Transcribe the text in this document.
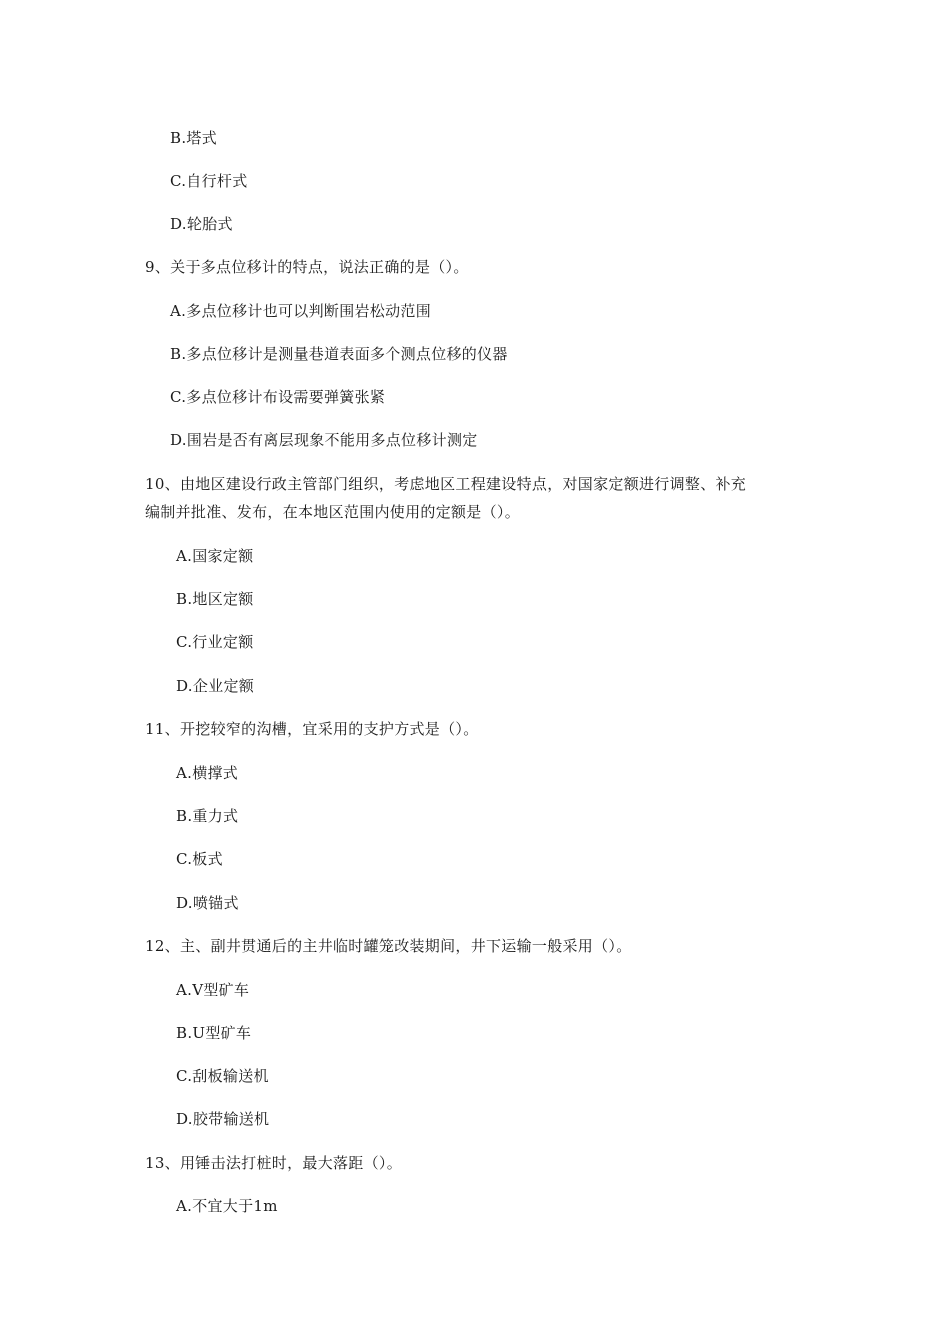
B.塔式
C.自行杆式
D.轮胎式
9、关于多点位移计的特点，说法正确的是（）。
A.多点位移计也可以判断围岩松动范围
B.多点位移计是测量巷道表面多个测点位移的仪器
C.多点位移计布设需要弹簧张紧
D.围岩是否有离层现象不能用多点位移计测定
10、由地区建设行政主管部门组织，考虑地区工程建设特点，对国家定额进行调整、补充
编制并批准、发布，在本地区范围内使用的定额是（）。
A.国家定额
B.地区定额
C.行业定额
D.企业定额
11、开挖较窄的沟槽，宜采用的支护方式是（）。
A.横撑式
B.重力式
C.板式
D.喷锚式
12、主、副井贯通后的主井临时罐笼改装期间，井下运输一般采用（）。
A.V型矿车
B.U型矿车
C.刮板输送机
D.胶带输送机
13、用锤击法打桩时，最大落距（）。
A.不宜大于1m
